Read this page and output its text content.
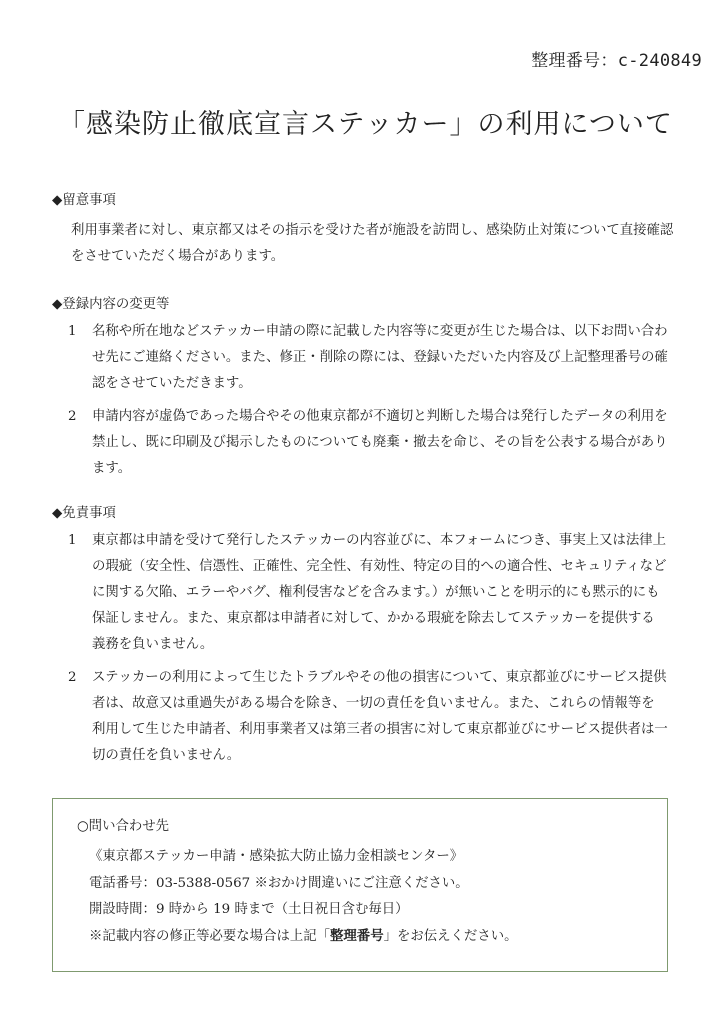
整理番号：c-240849
「感染防止徹底宣言ステッカー」の利用について

◆留意事項

利用事業者に対し、東京都又はその指示を受けた者が施設を訪問し、感染防止対策について直接確認をさせていただく場合があります。

◆登録内容の変更等

1	名称や所在地などステッカー申請の際に記載した内容等に変更が生じた場合は、以下お問い合わせ先にご連絡ください。また、修正・削除の際には、登録いただいた内容及び上記整理番号の確認をさせていただきます。
2	申請内容が虚偽であった場合やその他東京都が不適切と判断した場合は発行したデータの利用を禁止し、既に印刷及び掲示したものについても廃棄・撤去を命じ、その旨を公表する場合があります。

◆免責事項

1	東京都は申請を受けて発行したステッカーの内容並びに、本フォームにつき、事実上又は法律上の瑕疵（安全性、信憑性、正確性、完全性、有効性、特定の目的への適合性、セキュリティなどに関する欠陥、エラーやバグ、権利侵害などを含みます。）が無いことを明示的にも黙示的にも保証しません。また、東京都は申請者に対して、かかる瑕疵を除去してステッカーを提供する義務を負いません。
2	ステッカーの利用によって生じたトラブルやその他の損害について、東京都並びにサービス提供者は、故意又は重過失がある場合を除き、一切の責任を負いません。また、これらの情報等を利用して生じた申請者、利用事業者又は第三者の損害に対して東京都並びにサービス提供者は一切の責任を負いません。
○問い合わせ先
《東京都ステッカー申請・感染拡大防止協力金相談センター》
電話番号：03-5388-0567 ※おかけ間違いにご注意ください。
開設時間：9 時から 19 時まで（土日祝日含む毎日）
※記載内容の修正等必要な場合は上記「整理番号」をお伝えください。
